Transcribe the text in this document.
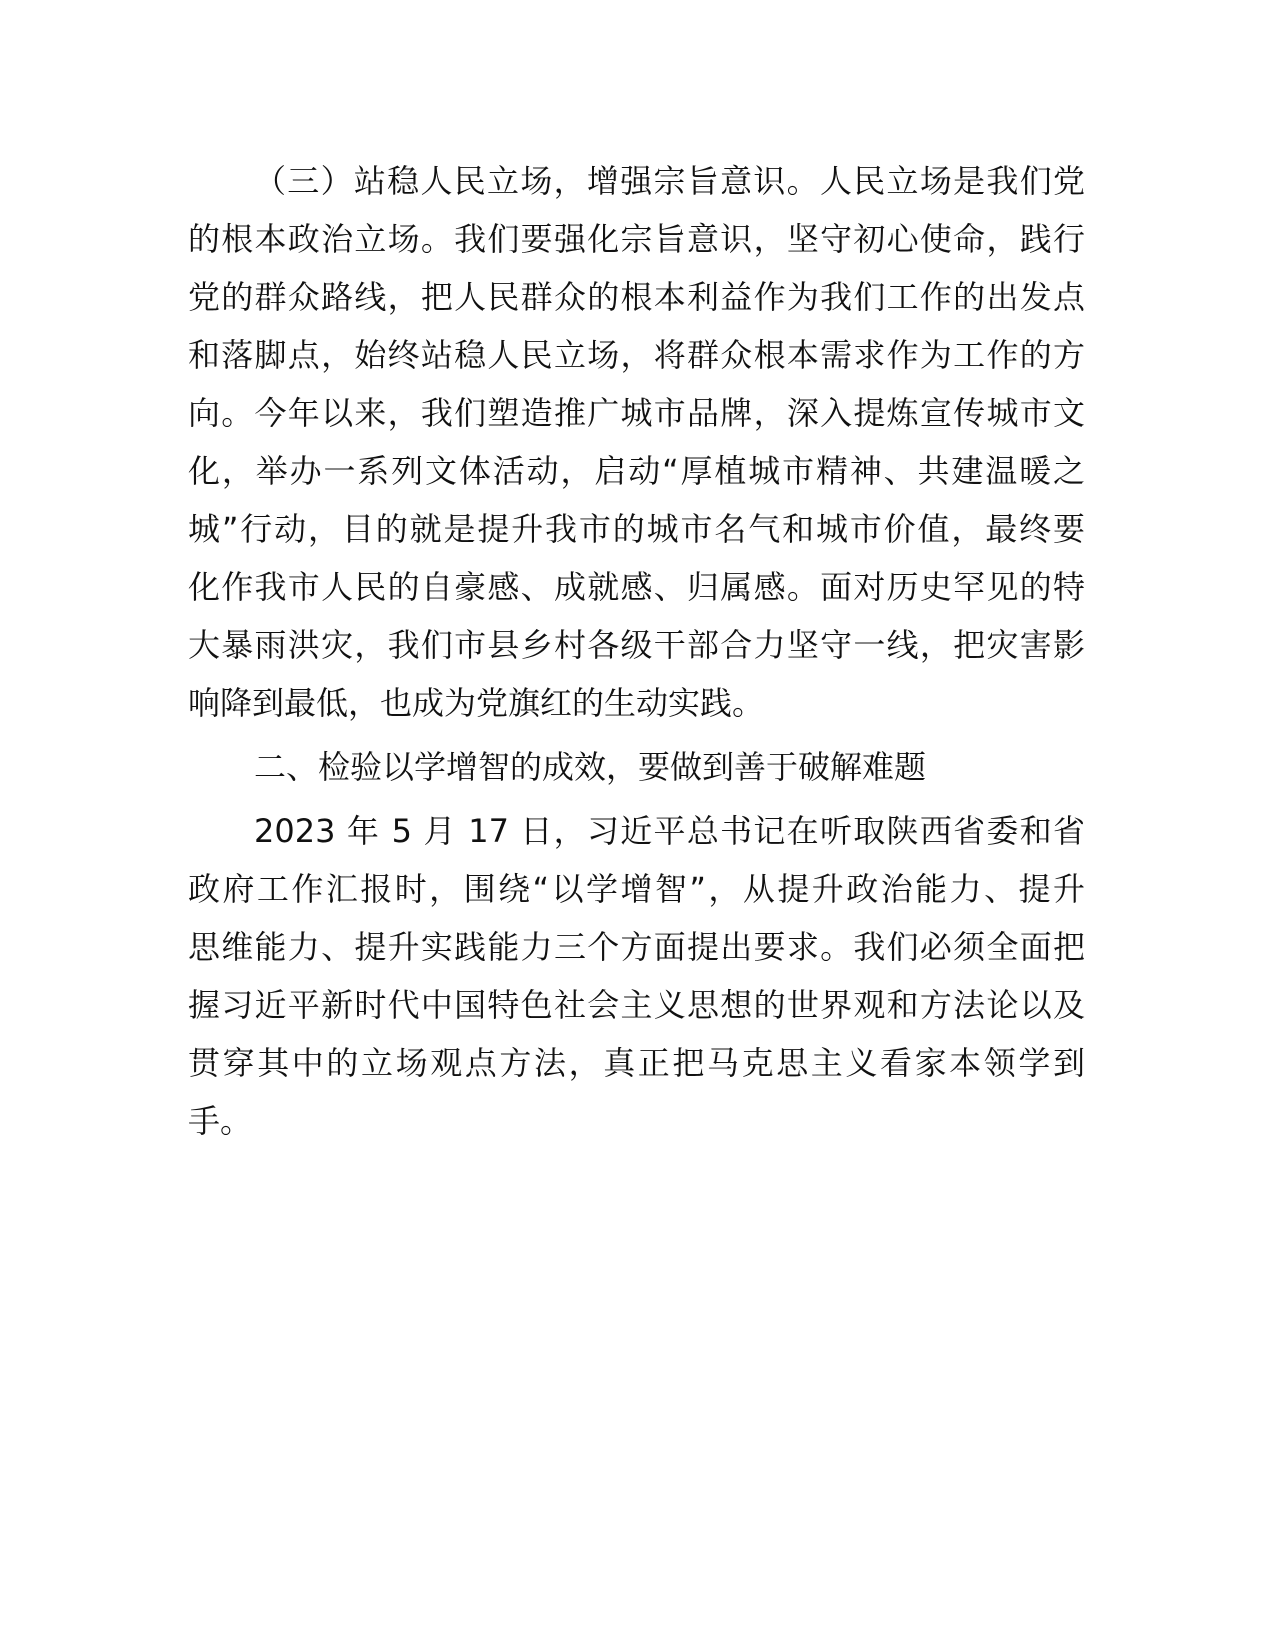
（三）站稳人民立场，增强宗旨意识。人民立场是我们党
的根本政治立场。我们要强化宗旨意识，坚守初心使命，践行
党的群众路线，把人民群众的根本利益作为我们工作的出发点
和落脚点，始终站稳人民立场，将群众根本需求作为工作的方
向。今年以来，我们塑造推广城市品牌，深入提炼宣传城市文
化，举办一系列文体活动，启动“厚植城市精神、共建温暖之
城”行动，目的就是提升我市的城市名气和城市价值，最终要
化作我市人民的自豪感、成就感、归属感。面对历史罕见的特
大暴雨洪灾，我们市县乡村各级干部合力坚守一线，把灾害影
响降到最低，也成为党旗红的生动实践。
二、检验以学增智的成效，要做到善于破解难题
2023 年 5 月 17 日，习近平总书记在听取陕西省委和省
政府工作汇报时，围绕“以学增智”，从提升政治能力、提升
思维能力、提升实践能力三个方面提出要求。我们必须全面把
握习近平新时代中国特色社会主义思想的世界观和方法论以及
贯穿其中的立场观点方法，真正把马克思主义看家本领学到
手。
